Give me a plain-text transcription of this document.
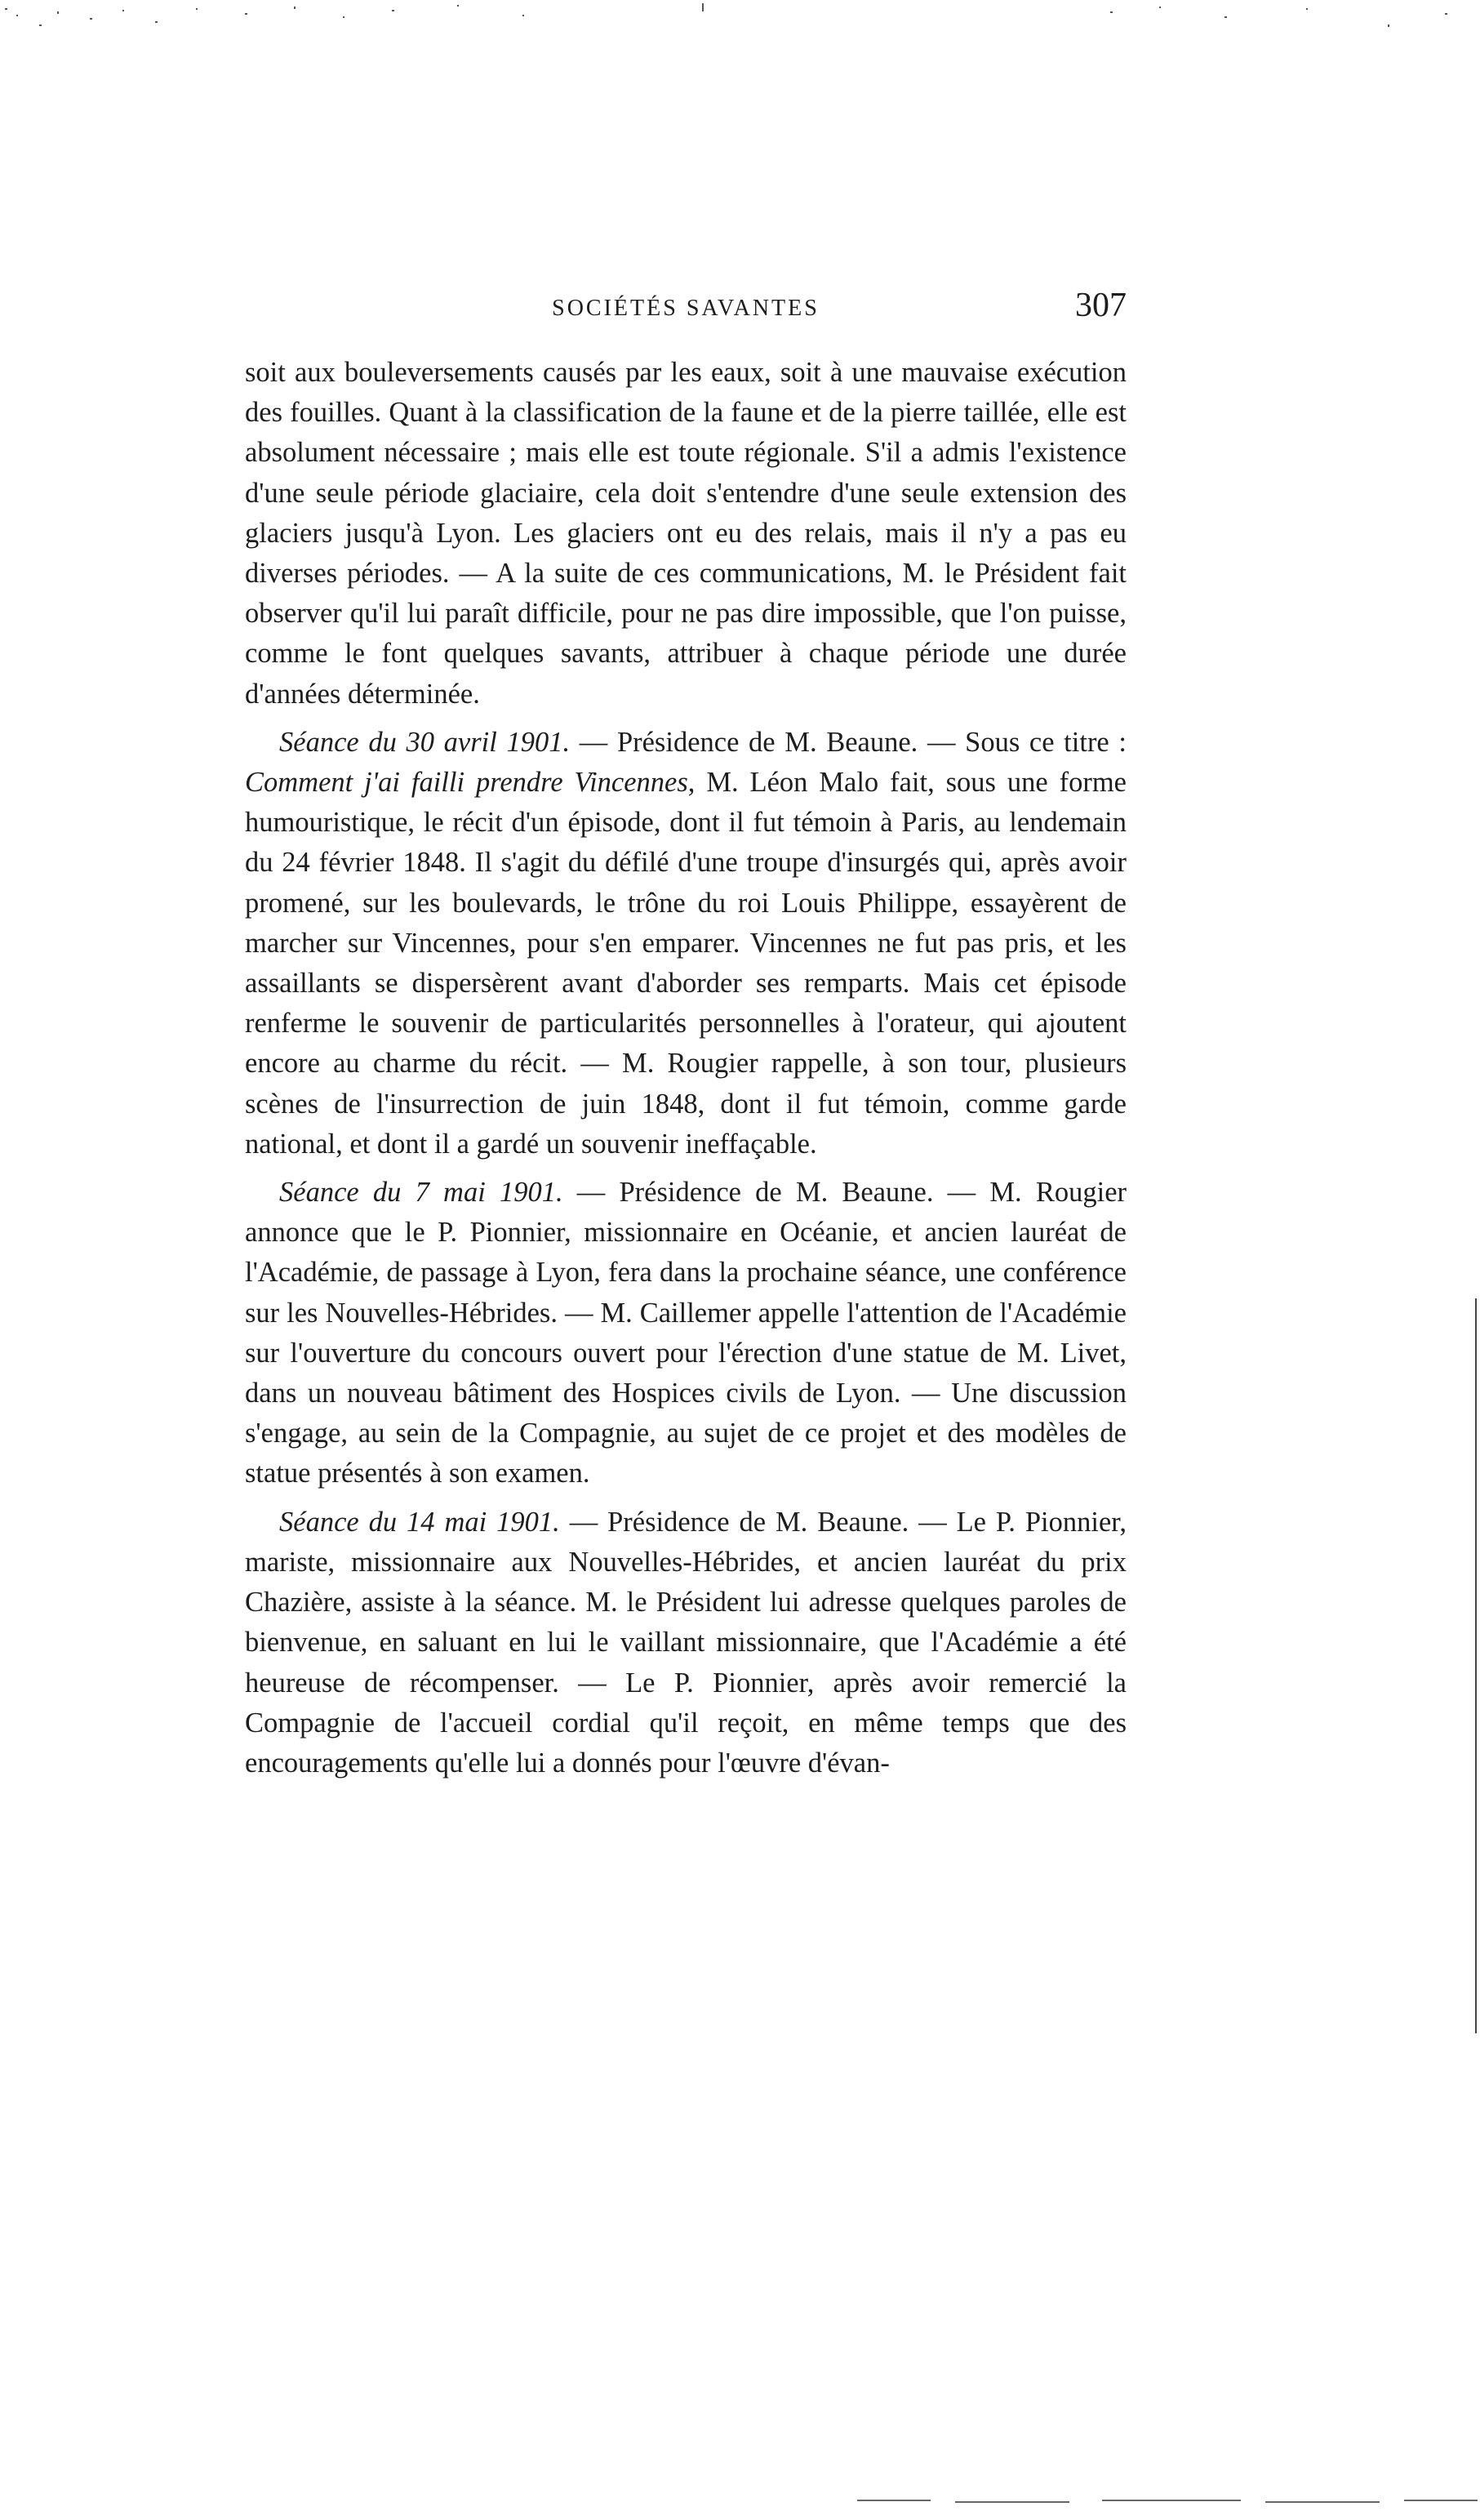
SOCIÉTÉS SAVANTES	307

soit aux bouleversements causés par les eaux, soit à une mauvaise exécution des fouilles. Quant à la classification de la faune et de la pierre taillée, elle est absolument nécessaire ; mais elle est toute régionale. S'il a admis l'existence d'une seule période glaciaire, cela doit s'entendre d'une seule extension des glaciers jusqu'à Lyon. Les glaciers ont eu des relais, mais il n'y a pas eu diverses périodes. — A la suite de ces communications, M. le Président fait observer qu'il lui paraît difficile, pour ne pas dire impossible, que l'on puisse, comme le font quelques savants, attribuer à chaque période une durée d'années déterminée.

Séance du 30 avril 1901. — Présidence de M. Beaune. — Sous ce titre : Comment j'ai failli prendre Vincennes, M. Léon Malo fait, sous une forme humouristique, le récit d'un épisode, dont il fut témoin à Paris, au lendemain du 24 février 1848. Il s'agit du défilé d'une troupe d'insurgés qui, après avoir promené, sur les boulevards, le trône du roi Louis Philippe, essayèrent de marcher sur Vincennes, pour s'en emparer. Vincennes ne fut pas pris, et les assaillants se dispersèrent avant d'aborder ses remparts. Mais cet épisode renferme le souvenir de particularités personnelles à l'orateur, qui ajoutent encore au charme du récit. — M. Rougier rappelle, à son tour, plusieurs scènes de l'insurrection de juin 1848, dont il fut témoin, comme garde national, et dont il a gardé un souvenir ineffaçable.

Séance du 7 mai 1901. — Présidence de M. Beaune. — M. Rougier annonce que le P. Pionnier, missionnaire en Océanie, et ancien lauréat de l'Académie, de passage à Lyon, fera dans la prochaine séance, une conférence sur les Nouvelles-Hébrides. — M. Caillemer appelle l'attention de l'Académie sur l'ouverture du concours ouvert pour l'érection d'une statue de M. Livet, dans un nouveau bâtiment des Hospices civils de Lyon. — Une discussion s'engage, au sein de la Compagnie, au sujet de ce projet et des modèles de statue présentés à son examen.

Séance du 14 mai 1901. — Présidence de M. Beaune. — Le P. Pionnier, mariste, missionnaire aux Nouvelles-Hébrides, et ancien lauréat du prix Chazière, assiste à la séance. M. le Président lui adresse quelques paroles de bienvenue, en saluant en lui le vaillant missionnaire, que l'Académie a été heureuse de récompenser. — Le P. Pionnier, après avoir remercié la Compagnie de l'accueil cordial qu'il reçoit, en même temps que des encouragements qu'elle lui a donnés pour l'œuvre d'évan-
